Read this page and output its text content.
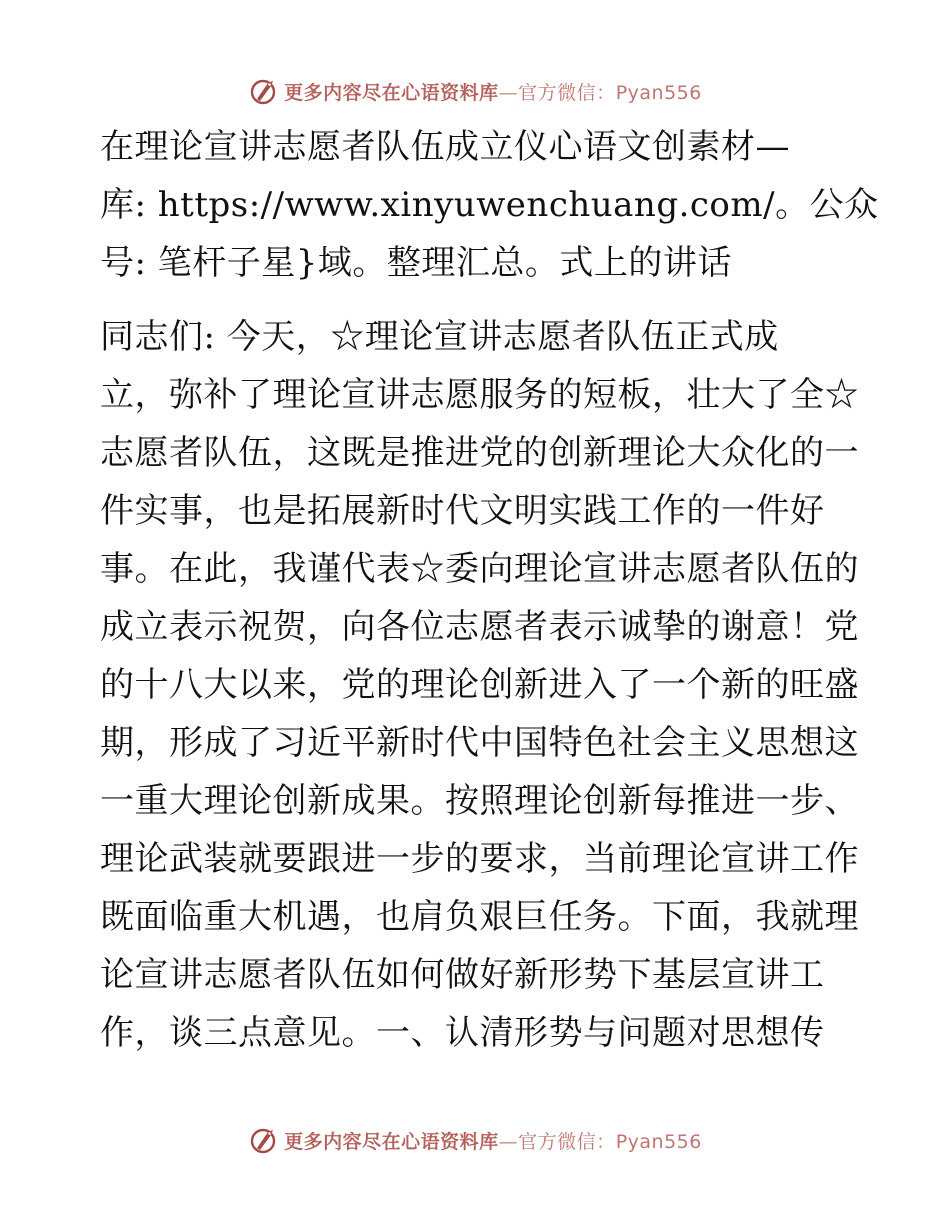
更多内容尽在心语资料库—官方微信：Pyan556
在理论宣讲志愿者队伍成立仪心语文创素材—
库: https://www.xinyuwenchuang.com/。公众
号: 笔杆子星}域。整理汇总。式上的讲话
同志们: 今天，☆理论宣讲志愿者队伍正式成
立，弥补了理论宣讲志愿服务的短板，壮大了全☆
志愿者队伍，这既是推进党的创新理论大众化的一
件实事，也是拓展新时代文明实践工作的一件好
事。在此，我谨代表☆委向理论宣讲志愿者队伍的
成立表示祝贺，向各位志愿者表示诚挚的谢意！党
的十八大以来，党的理论创新进入了一个新的旺盛
期，形成了习近平新时代中国特色社会主义思想这
一重大理论创新成果。按照理论创新每推进一步、
理论武装就要跟进一步的要求，当前理论宣讲工作
既面临重大机遇，也肩负艰巨任务。下面，我就理
论宣讲志愿者队伍如何做好新形势下基层宣讲工
作，谈三点意见。一、认清形势与问题对思想传
更多内容尽在心语资料库—官方微信：Pyan556
